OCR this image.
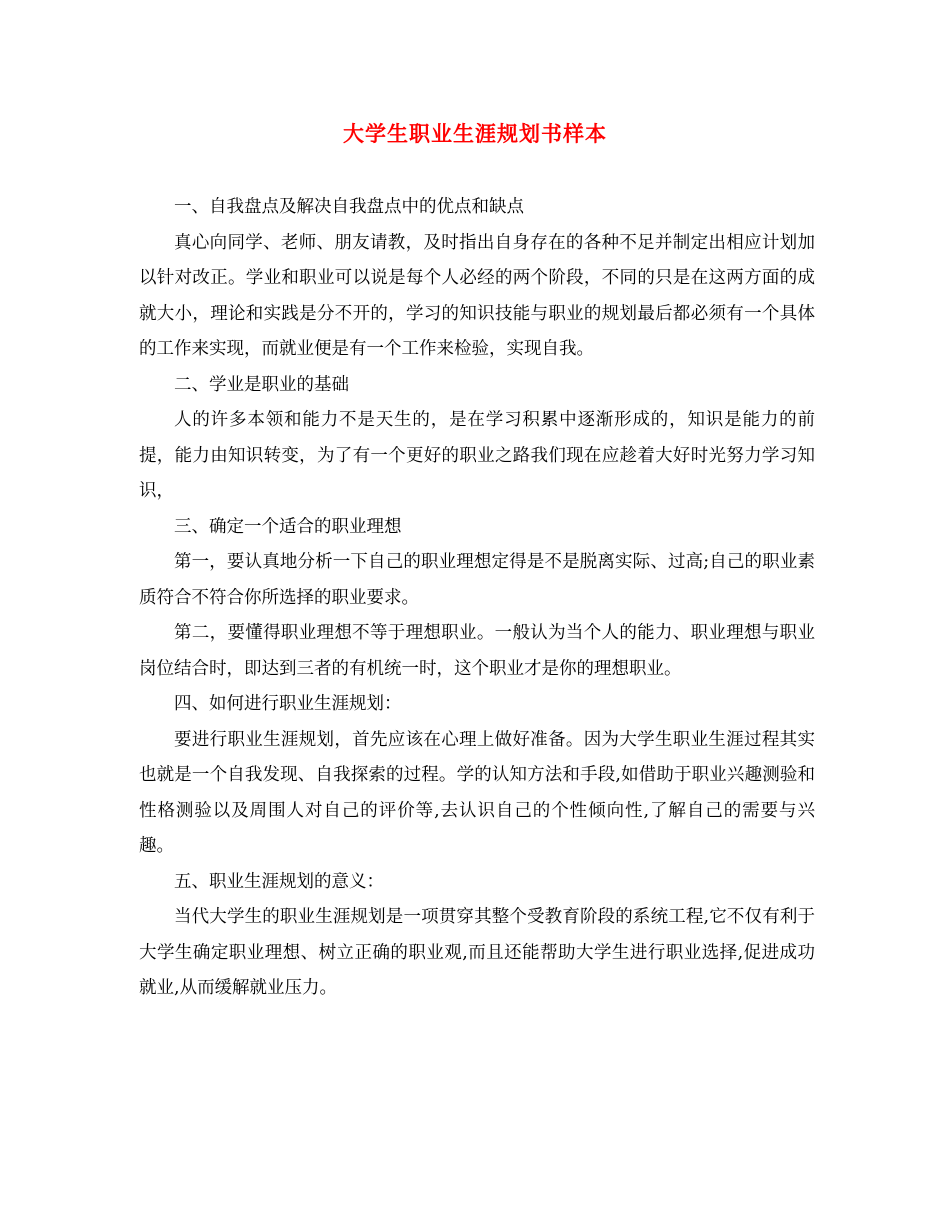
大学生职业生涯规划书样本

一、自我盘点及解决自我盘点中的优点和缺点

真心向同学、老师、朋友请教，及时指出自身存在的各种不足并制定出相应计划加以针对改正。学业和职业可以说是每个人必经的两个阶段，不同的只是在这两方面的成就大小，理论和实践是分不开的，学习的知识技能与职业的规划最后都必须有一个具体的工作来实现，而就业便是有一个工作来检验，实现自我。

二、学业是职业的基础

人的许多本领和能力不是天生的，是在学习积累中逐渐形成的，知识是能力的前提，能力由知识转变，为了有一个更好的职业之路我们现在应趁着大好时光努力学习知识，

三、确定一个适合的职业理想

第一，要认真地分析一下自己的职业理想定得是不是脱离实际、过高;自己的职业素质符合不符合你所选择的职业要求。

第二，要懂得职业理想不等于理想职业。一般认为当个人的能力、职业理想与职业岗位结合时，即达到三者的有机统一时，这个职业才是你的理想职业。

四、如何进行职业生涯规划：

要进行职业生涯规划，首先应该在心理上做好准备。因为大学生职业生涯过程其实也就是一个自我发现、自我探索的过程。学的认知方法和手段,如借助于职业兴趣测验和性格测验以及周围人对自己的评价等,去认识自己的个性倾向性,了解自己的需要与兴趣。

五、职业生涯规划的意义：

当代大学生的职业生涯规划是一项贯穿其整个受教育阶段的系统工程,它不仅有利于大学生确定职业理想、树立正确的职业观,而且还能帮助大学生进行职业选择,促进成功就业,从而缓解就业压力。
